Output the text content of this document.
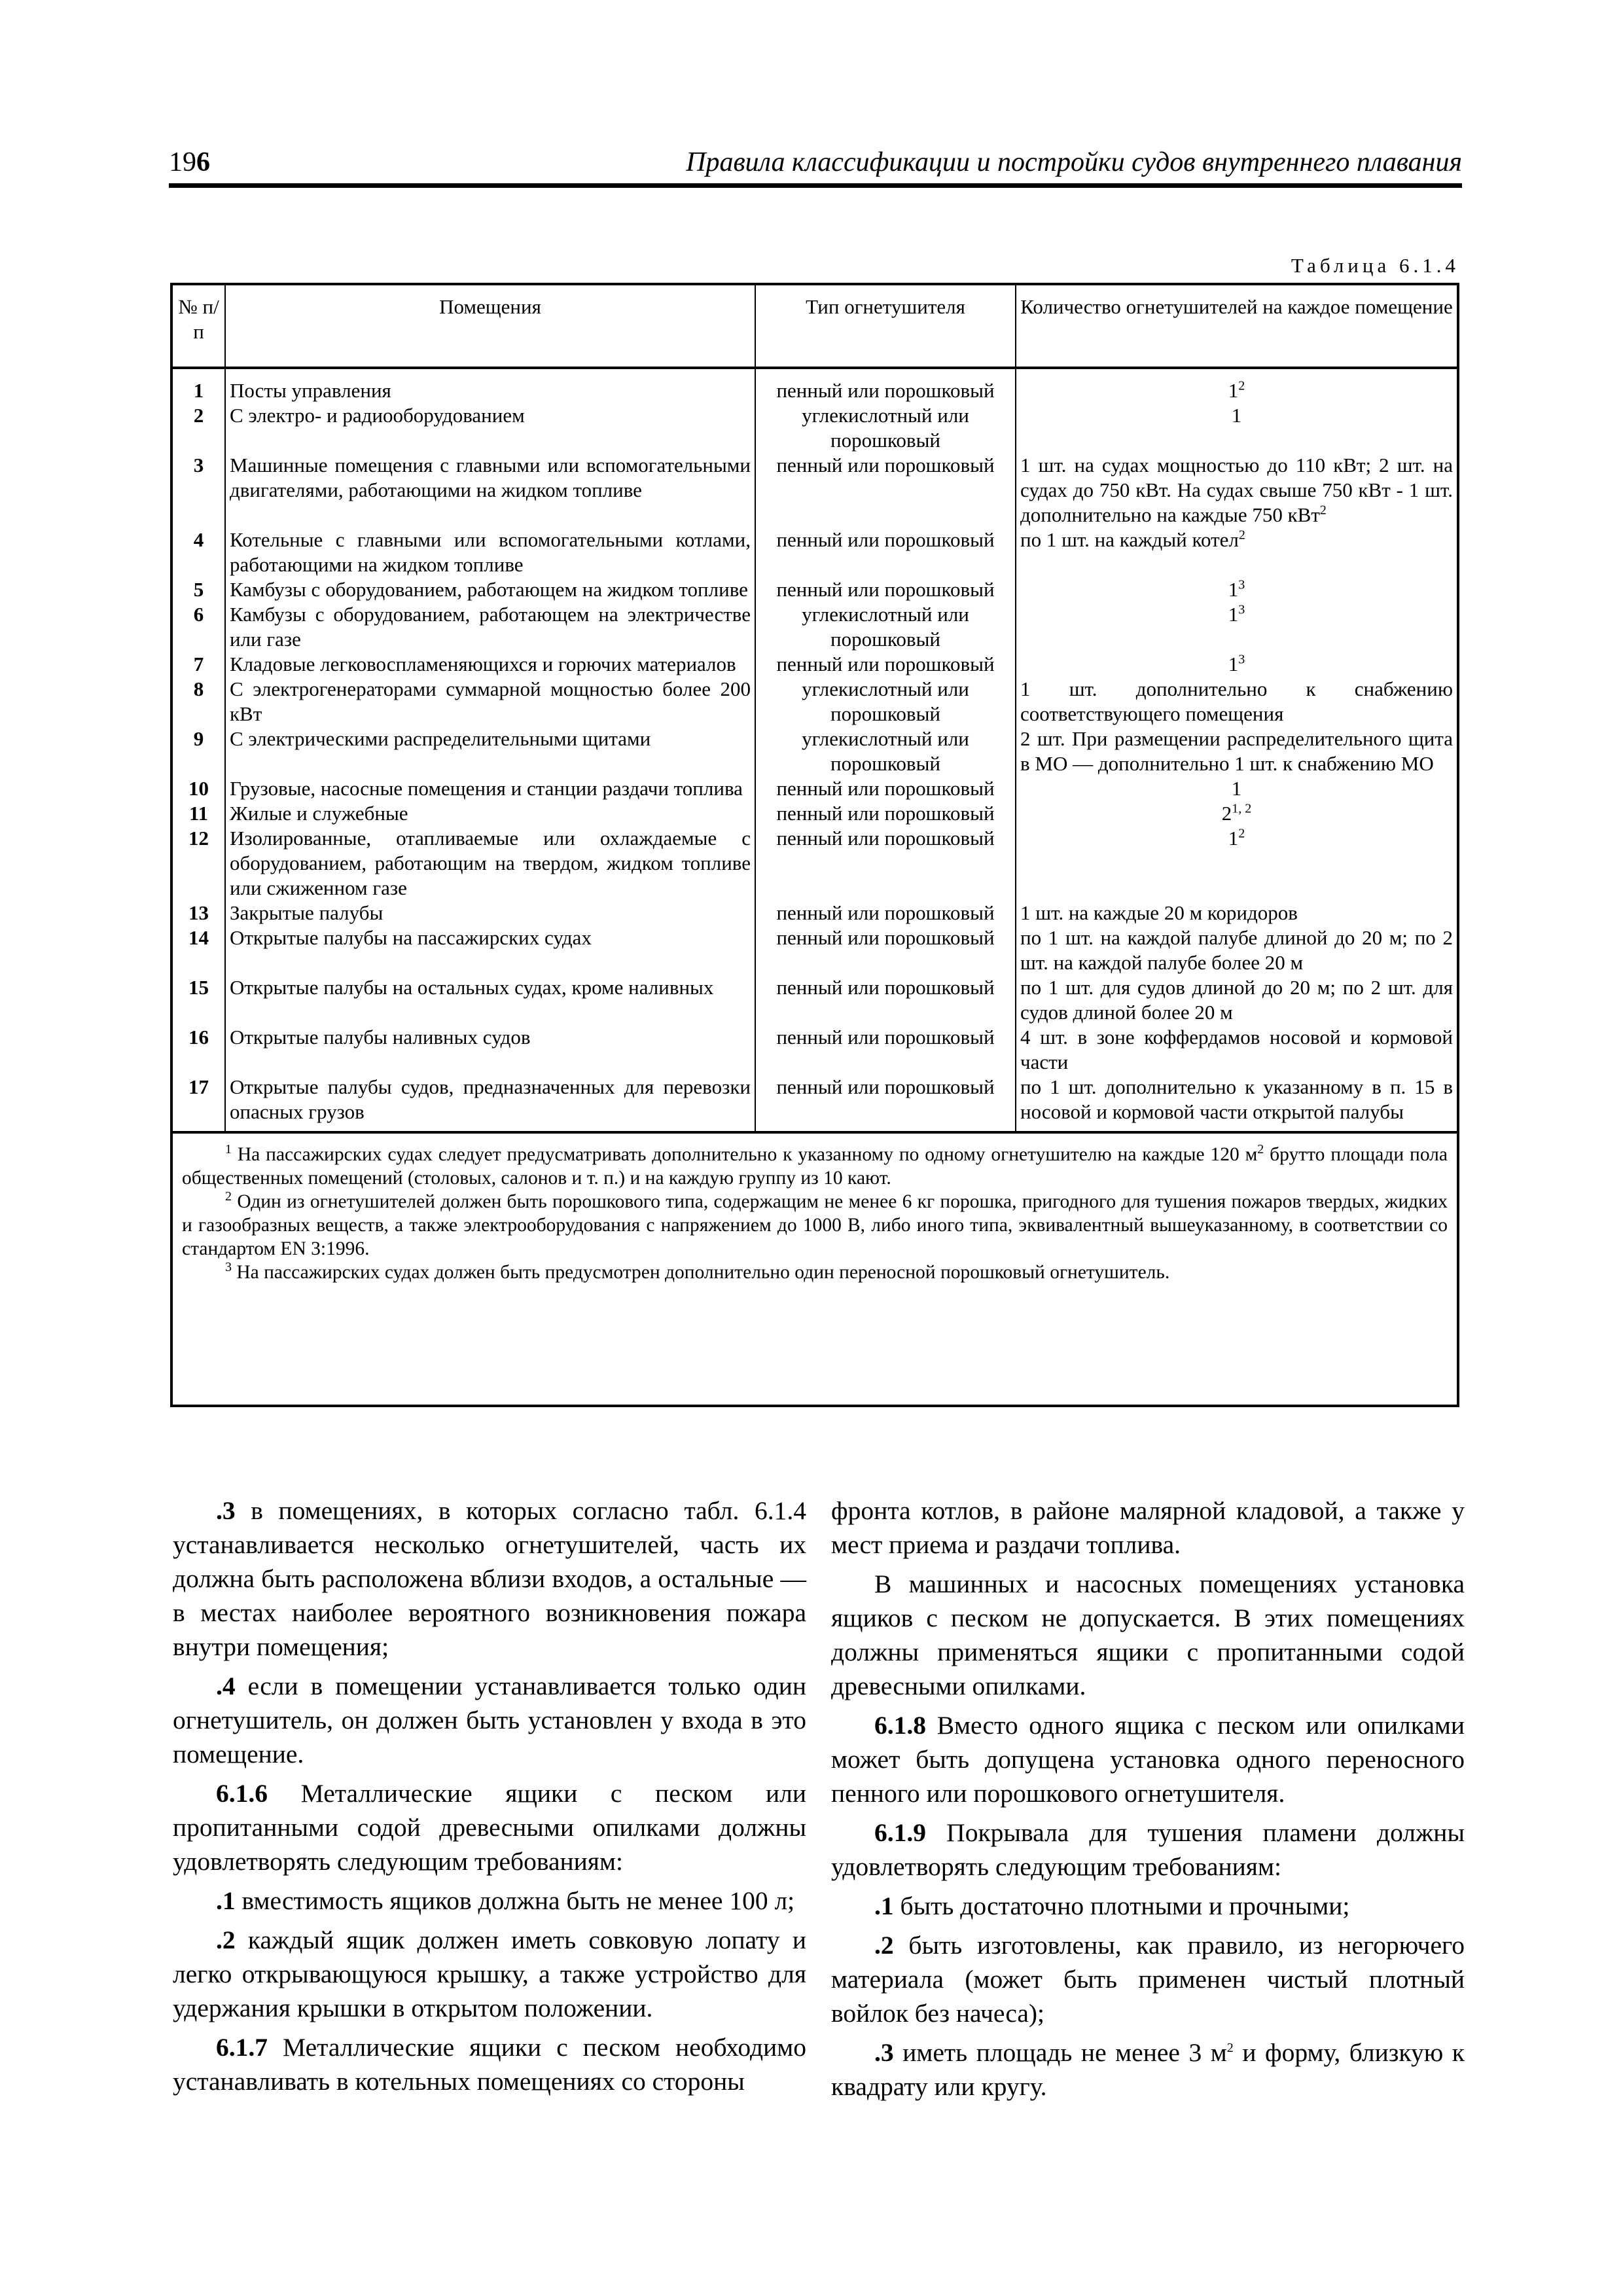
196	Правила классификации и постройки судов внутреннего плавания
Таблица 6.1.4
№ п/п	Помещения	Тип огнетушителя	Количество огнетушителей на каждое помещение
1	Посты управления	пенный или порошковый	$1^2$
2	С электро- и радиооборудованием	углекислотный или порошковый	1
3	Машинные помещения с главными или вспомогательными двигателями, работающими на жидком топливе	пенный или порошковый	1 шт. на судах мощностью до 110 кВт; 2 шт. на судах до 750 кВт. На судах свыше 750 кВт - 1 шт. дополнительно на каждые 750 кВт$^2$
4	Котельные с главными или вспомогательными котлами, работающими на жидком топливе	пенный или порошковый	по 1 шт. на каждый котел$^2$
5	Камбузы с оборудованием, работающем на жидком топливе	пенный или порошковый	$1^3$
6	Камбузы с оборудованием, работающем на электричестве или газе	углекислотный или порошковый	$1^3$
7	Кладовые легковоспламеняющихся и горючих материалов	пенный или порошковый	$1^3$
8	С электрогенераторами суммарной мощностью более 200 кВт	углекислотный или порошковый	1 шт. дополнительно к снабжению соответствующего помещения
9	С электрическими распределительными щитами	углекислотный или порошковый	2 шт. При размещении распределительного щита в МО — дополнительно 1 шт. к снабжению МО
10	Грузовые, насосные помещения и станции раздачи топлива	пенный или порошковый	1
11	Жилые и служебные	пенный или порошковый	2$^{1, 2}$
12	Изолированные, отапливаемые или охлаждаемые с оборудованием, работающим на твердом, жидком топливе или сжиженном газе	пенный или порошковый	$1^2$
13	Закрытые палубы	пенный или порошковый	1 шт. на каждые 20 м коридоров
14	Открытые палубы на пассажирских судах	пенный или порошковый	по 1 шт. на каждой палубе длиной до 20 м; по 2 шт. на каждой палубе более 20 м
15	Открытые палубы на остальных судах, кроме наливных	пенный или порошковый	по 1 шт. для судов длиной до 20 м; по 2 шт. для судов длиной более 20 м
16	Открытые палубы наливных судов	пенный или порошковый	4 шт. в зоне коффердамов носовой и кормовой части
17	Открытые палубы судов, предназначенных для перевозки опасных грузов	пенный или порошковый	по 1 шт. дополнительно к указанному в п. 15 в носовой и кормовой части открытой палубы

$^1$ На пассажирских судах следует предусматривать дополнительно к указанному по одному огнетушителю на каждые 120 $м^2$ брутто площади пола общественных помещений (столовых, салонов и т. п.) и на каждую группу из 10 кают.

$^2$ Один из огнетушителей должен быть порошкового типа, содержащим не менее 6 кг порошка, пригодного для тушения пожаров твердых, жидких и газообразных веществ, а также электрооборудования с напряжением до 1000 В, либо иного типа, эквивалентный вышеуказанному, в соответствии со стандартом EN 3:1996.

$^3$ На пассажирских судах должен быть предусмотрен дополнительно один переносной порошковый огнетушитель.

.3 в помещениях, в которых согласно табл. 6.1.4 устанавливается несколько огнетушителей, часть их должна быть расположена вблизи входов, а остальные — в местах наиболее вероятного возникновения пожара внутри помещения;

.4 если в помещении устанавливается только один огнетушитель, он должен быть установлен у входа в это помещение.

6.1.6 Металлические ящики с песком или пропитанными содой древесными опилками должны удовлетворять следующим требованиям:

.1 вместимость ящиков должна быть не менее 100 л;

.2 каждый ящик должен иметь совковую лопату и легко открывающуюся крышку, а также устройство для удержания крышки в открытом положении.

6.1.7 Металлические ящики с песком необходимо устанавливать в котельных помещениях со стороны

фронта котлов, в районе малярной кладовой, а также у мест приема и раздачи топлива.

В машинных и насосных помещениях установка ящиков с песком не допускается. В этих помещениях должны применяться ящики с пропитанными содой древесными опилками.

6.1.8 Вместо одного ящика с песком или опилками может быть допущена установка одного переносного пенного или порошкового огнетушителя.

6.1.9 Покрывала для тушения пламени должны удовлетворять следующим требованиям:

.1 быть достаточно плотными и прочными;

.2 быть изготовлены, как правило, из негорючего материала (может быть применен чистый плотный войлок без начеса);

.3 иметь площадь не менее 3 $м^2$ и форму, близкую к квадрату или кругу.
